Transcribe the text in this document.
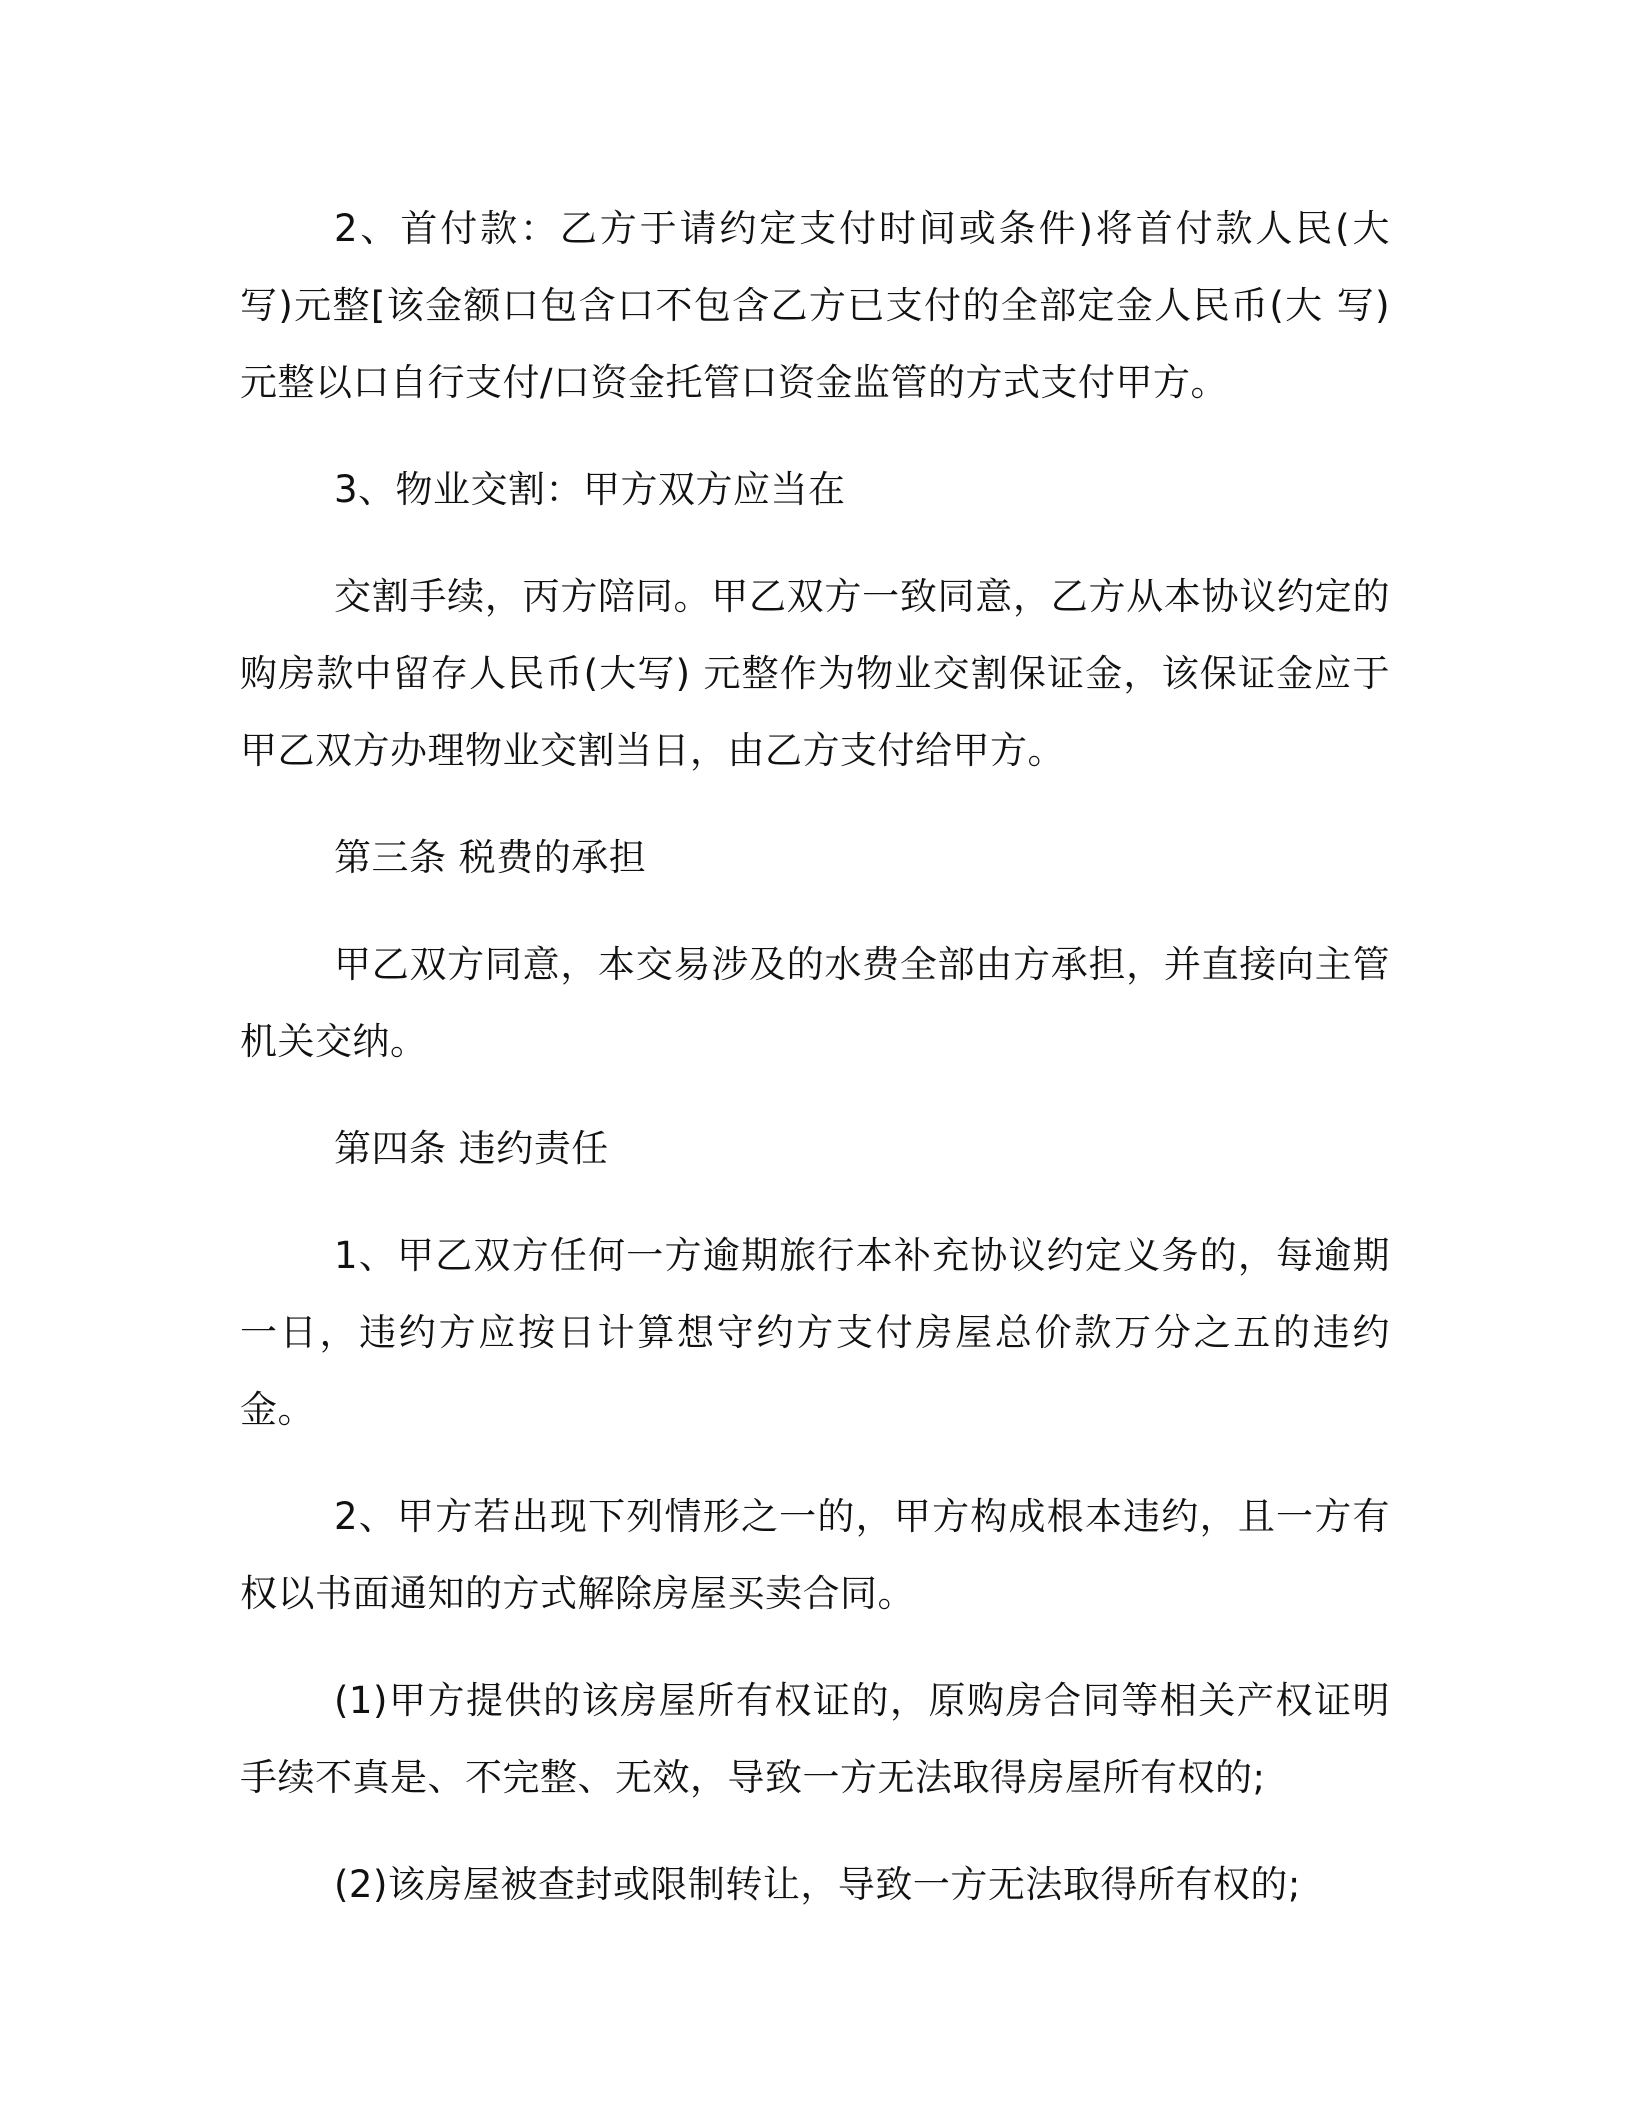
2、首付款：乙方于请约定支付时间或条件)将首付款人民(大 写)元整[该金额口包含口不包含乙方已支付的全部定金人民币(大 写) 元整以口自行支付/口资金托管口资金监管的方式支付甲方。

3、物业交割：甲方双方应当在

交割手续，丙方陪同。甲乙双方一致同意，乙方从本协议约定的购房款中留存人民币(大写) 元整作为物业交割保证金，该保证金应于甲乙双方办理物业交割当日，由乙方支付给甲方。

第三条 税费的承担

甲乙双方同意，本交易涉及的水费全部由方承担，并直接向主管机关交纳。

第四条 违约责任

1、甲乙双方任何一方逾期旅行本补充协议约定义务的，每逾期一日，违约方应按日计算想守约方支付房屋总价款万分之五的违约金。

2、甲方若出现下列情形之一的，甲方构成根本违约，且一方有权以书面通知的方式解除房屋买卖合同。

(1)甲方提供的该房屋所有权证的，原购房合同等相关产权证明手续不真是、不完整、无效，导致一方无法取得房屋所有权的;

(2)该房屋被查封或限制转让，导致一方无法取得所有权的;
